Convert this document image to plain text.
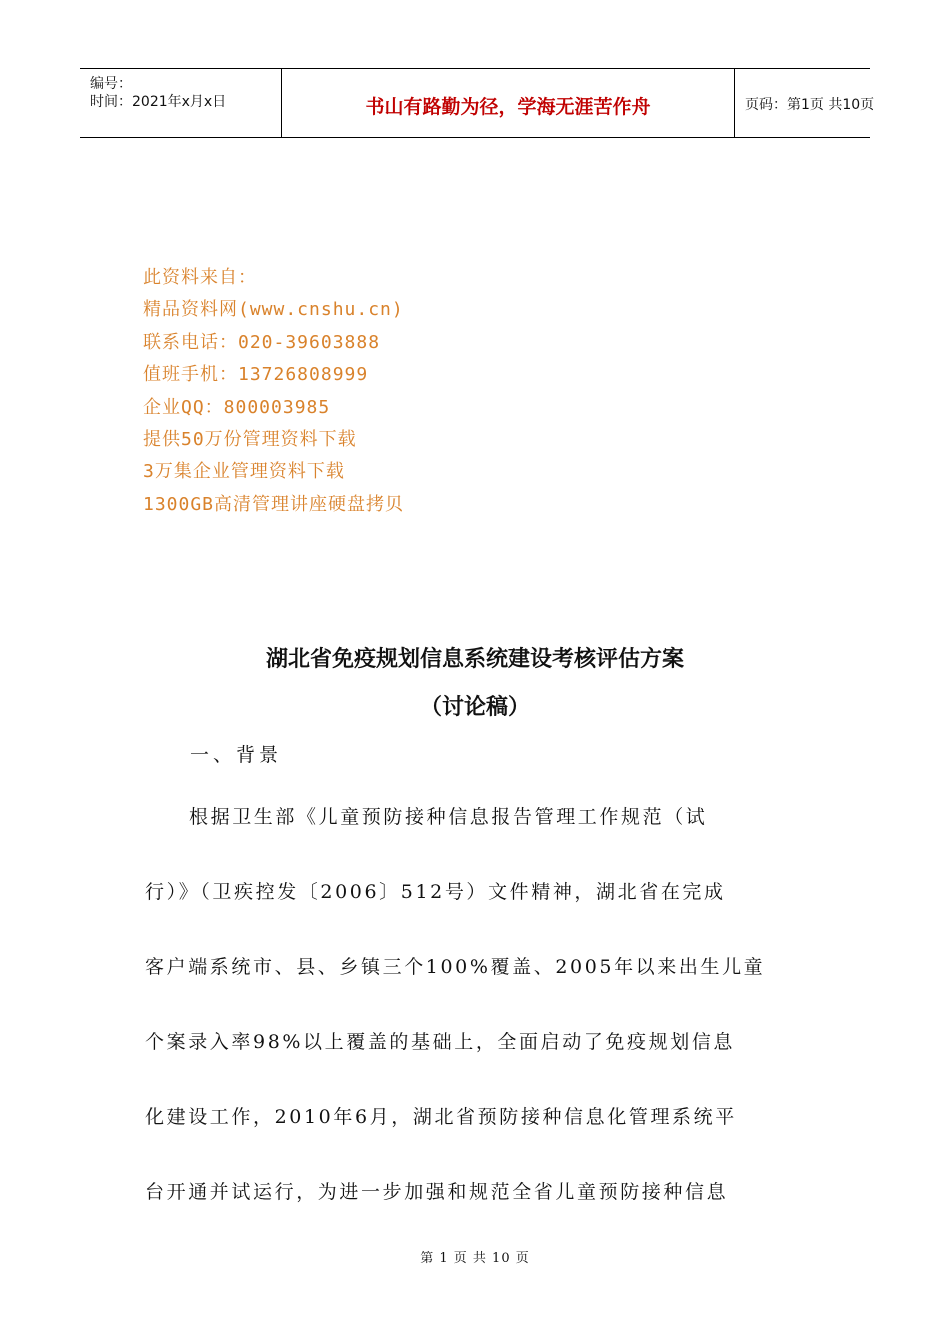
编号：
时间：2021年x月x日	书山有路勤为径，学海无涯苦作舟	页码：第1页 共10页
此资料来自：
精品资料网(www.cnshu.cn)
联系电话：020-39603888
值班手机：13726808999
企业QQ：800003985
提供50万份管理资料下载
3万集企业管理资料下载
1300GB高清管理讲座硬盘拷贝
湖北省免疫规划信息系统建设考核评估方案
（讨论稿）
一、背景
根据卫生部《儿童预防接种信息报告管理工作规范（试
行）》（卫疾控发〔2006〕512号）文件精神，湖北省在完成
客户端系统市、县、乡镇三个100%覆盖、2005年以来出生儿童
个案录入率98%以上覆盖的基础上，全面启动了免疫规划信息
化建设工作，2010年6月，湖北省预防接种信息化管理系统平
台开通并试运行，为进一步加强和规范全省儿童预防接种信息
第 1 页 共 10 页
